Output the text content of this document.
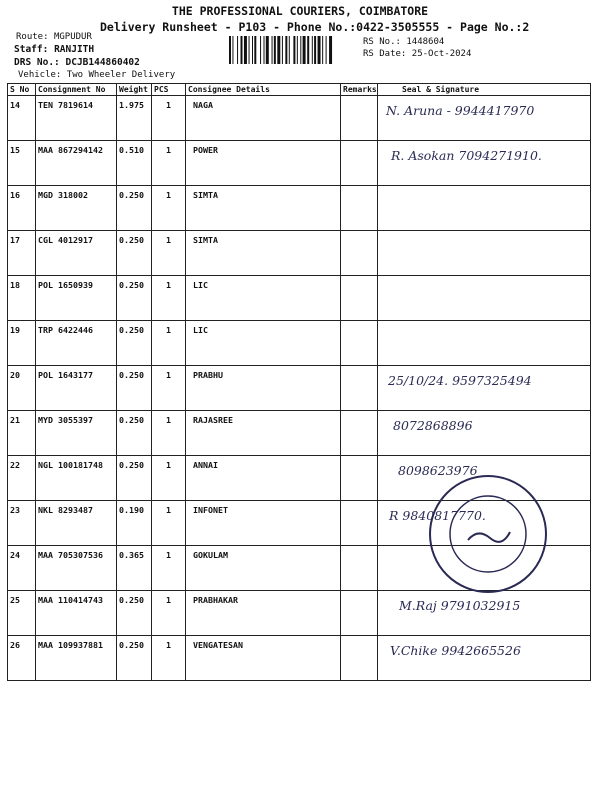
THE PROFESSIONAL COURIERS, COIMBATORE
Delivery Runsheet - P103 - Phone No.:0422-3505555 - Page No.:2
Route: MGPUDUR
Staff: RANJITH
DRS No.: DCJB144860402
Vehicle: Two Wheeler Delivery
RS No.: 1448604
RS Date: 25-Oct-2024
S No	Consignment No	Weight	PCS	Consignee Details	Remarks	Seal & Signature
14	TEN 7819614	1.975	1	NAGA		N. Aruna - 9944417970

15	MAA 867294142	0.510	1	POWER		R. Asokan 7094271910.

16	MGD 318002	0.250	1	SIMTA		

17	CGL 4012917	0.250	1	SIMTA		

18	POL 1650939	0.250	1	LIC		

19	TRP 6422446	0.250	1	LIC		

20	POL 1643177	0.250	1	PRABHU		25/10/24. 9597325494

21	MYD 3055397	0.250	1	RAJASREE		8072868896

22	NGL 100181748	0.250	1	ANNAI		8098623976

23	NKL 8293487	0.190	1	INFONET		R 9840817770.

24	MAA 705307536	0.365	1	GOKULAM		

25	MAA 110414743	0.250	1	PRABHAKAR		M.Raj 9791032915

26	MAA 109937881	0.250	1	VENGATESAN		V.Chike 9942665526
